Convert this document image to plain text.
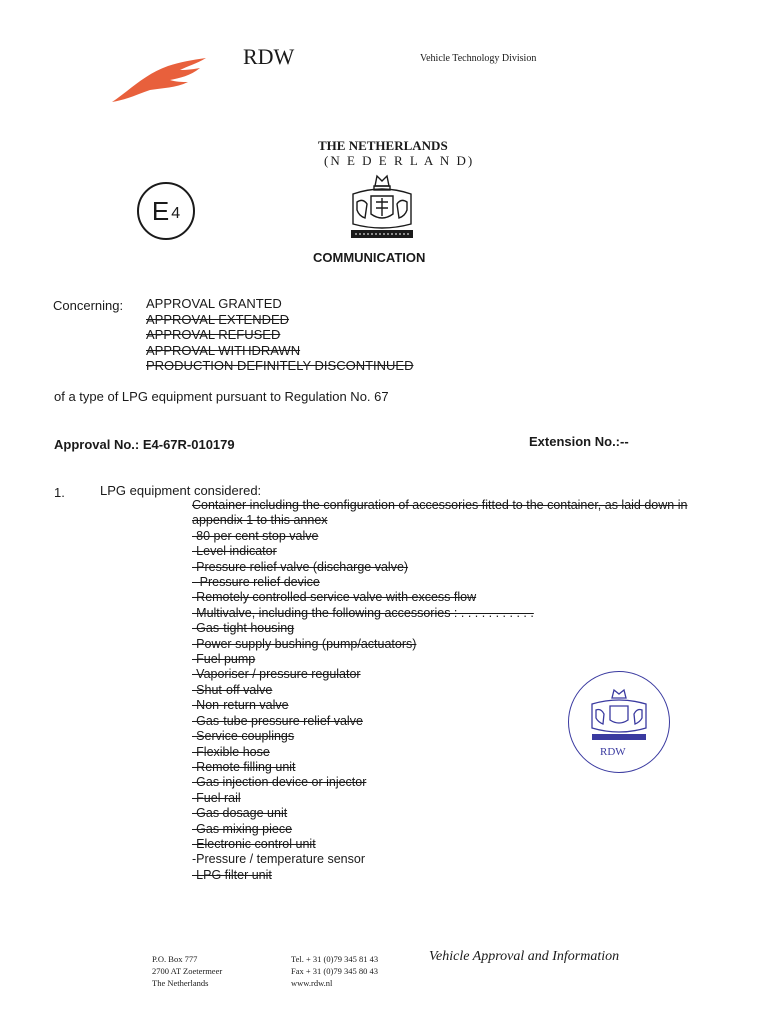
RDW	Vehicle Technology Division
THE NETHERLANDS
(N E D E R L A N D)
E 4
COMMUNICATION
Concerning: APPROVAL GRANTED
APPROVAL EXTENDED
APPROVAL REFUSED
APPROVAL WITHDRAWN
PRODUCTION DEFINITELY DISCONTINUED
of a type of LPG equipment pursuant to Regulation No. 67
Approval No.: E4-67R-010179	Extension No.:--
1.	LPG equipment considered:
Container including the configuration of accessories fitted to the container, as laid down in appendix 1 to this annex
-80 per cent stop valve
-Level indicator
-Pressure relief valve (discharge valve)
- Pressure relief device
-Remotely controlled service valve with excess flow
-Multivalve, including the following accessories : . . . . . . . . . . .
-Gas-tight housing
-Power supply bushing (pump/actuators)
-Fuel pump
-Vaporiser / pressure regulator
-Shut-off valve
-Non-return valve
-Gas-tube pressure relief valve
-Service couplings
-Flexible hose
-Remote filling unit
-Gas injection device or injector
-Fuel rail
-Gas dosage unit
-Gas mixing piece
-Electronic control unit
-Pressure / temperature sensor
-LPG filter unit
RDW
P.O. Box 777
2700 AT Zoetermeer
The Netherlands
Tel. + 31 (0)79 345 81 43
Fax + 31 (0)79 345 80 43
www.rdw.nl
Vehicle Approval and Information
